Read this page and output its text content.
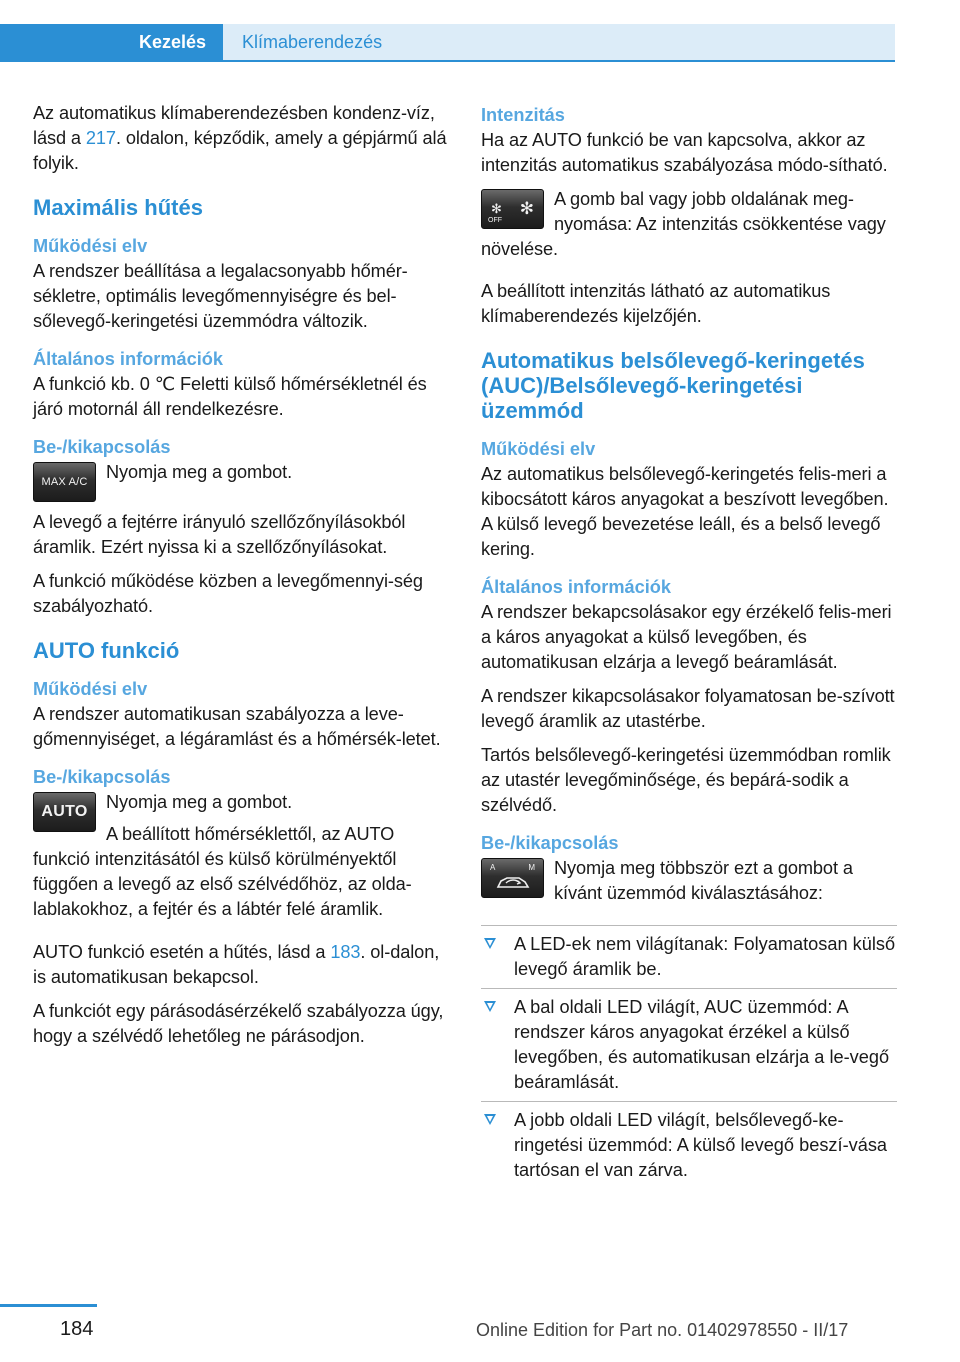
Kezelés	Klímaberendezés

Az automatikus klímaberendezésben kondenz-víz, lásd a 217. oldalon, képződik, amely a gépjármű alá folyik.

Maximális hűtés
Működési elv

A rendszer beállítása a legalacsonyabb hőmér-sékletre, optimális levegőmennyiségre és bel-sőlevegő-keringetési üzemmódra változik.

Általános információk

A funkció kb. 0 ℃ Feletti külső hőmérsékletnél és járó motornál áll rendelkezésre.

Be-/kikapcsolás
MAX A/C	Nyomja meg a gombot.

A levegő a fejtérre irányuló szellőzőnyílásokból áramlik. Ezért nyissa ki a szellőzőnyílásokat.

A funkció működése közben a levegőmennyi-ség szabályozható.

AUTO funkció
Működési elv

A rendszer automatikusan szabályozza a leve-gőmennyiséget, a légáramlást és a hőmérsék-letet.

Be-/kikapcsolás
AUTO	Nyomja meg a gombot.

A beállított hőmérséklettől, az AUTO funkció intenzitásától és külső körülményektől függően a levegő az első szélvédőhöz, az olda-lablakokhoz, a fejtér és a lábtér felé áramlik.

AUTO funkció esetén a hűtés, lásd a 183. ol-dalon, is automatikusan bekapcsol.

A funkciót egy párásodásérzékelő szabályozza úgy, hogy a szélvédő lehetőleg ne párásodjon.

Intenzitás

Ha az AUTO funkció be van kapcsolva, akkor az intenzitás automatikus szabályozása módo-sítható.

✻ ✻
OFF

A gomb bal vagy jobb oldalának meg-nyomása: Az intenzitás csökkentése vagy növelése.

A beállított intenzitás látható az automatikus klímaberendezés kijelzőjén.

Automatikus belsőlevegő-keringetés (AUC)/Belsőlevegő-keringetési üzemmód
Működési elv

Az automatikus belsőlevegő-keringetés felis-meri a kibocsátott káros anyagokat a beszívott levegőben. A külső levegő bevezetése leáll, és a belső levegő kering.

Általános információk

A rendszer bekapcsolásakor egy érzékelő felis-meri a káros anyagokat a külső levegőben, és automatikusan elzárja a levegő beáramlását.

A rendszer kikapcsolásakor folyamatosan be-szívott levegő áramlik az utastérbe.

Tartós belsőlevegő-keringetési üzemmódban romlik az utastér levegőminősége, és bepárá-sodik a szélvédő.

Be-/kikapcsolás
A	M	Nyomja meg többször ezt a gombot a kívánt üzemmód kiválasztásához:

A LED-ek nem világítanak: Folyamatosan külső levegő áramlik be.
A bal oldali LED világít, AUC üzemmód: A rendszer káros anyagokat érzékel a külső levegőben, és automatikusan elzárja a le-vegő beáramlását.
A jobb oldali LED világít, belsőlevegő-ke-ringetési üzemmód: A külső levegő beszí-vása tartósan el van zárva.
184	Online Edition for Part no. 01402978550 - II/17
